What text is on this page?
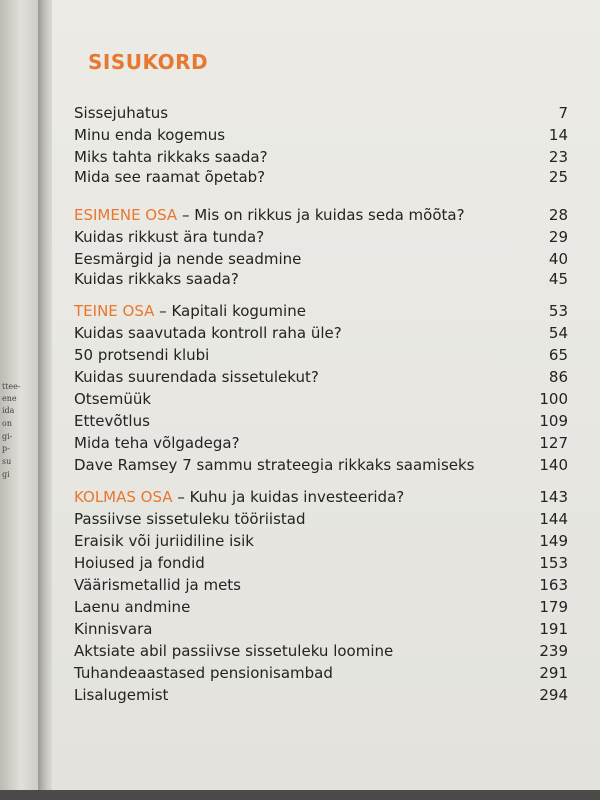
ttee-
ene
ida
on
gi-
p-
su
gi
SISUKORD
Sissejuhatus	7
Minu enda kogemus	14
Miks tahta rikkaks saada?	23
Mida see raamat õpetab?	25
ESIMENE OSA – Mis on rikkus ja kuidas seda mõõta?	28
Kuidas rikkust ära tunda?	29
Eesmärgid ja nende seadmine	40
Kuidas rikkaks saada?	45
TEINE OSA – Kapitali kogumine	53
Kuidas saavutada kontroll raha üle?	54
50 protsendi klubi	65
Kuidas suurendada sissetulekut?	86
Otsemüük	100
Ettevõtlus	109
Mida teha võlgadega?	127
Dave Ramsey 7 sammu strateegia rikkaks saamiseks	140
KOLMAS OSA – Kuhu ja kuidas investeerida?	143
Passiivse sissetuleku tööriistad	144
Eraisik või juriidiline isik	149
Hoiused ja fondid	153
Väärismetallid ja mets	163
Laenu andmine	179
Kinnisvara	191
Aktsiate abil passiivse sissetuleku loomine	239
Tuhandeaastased pensionisambad	291
Lisalugemist	294
